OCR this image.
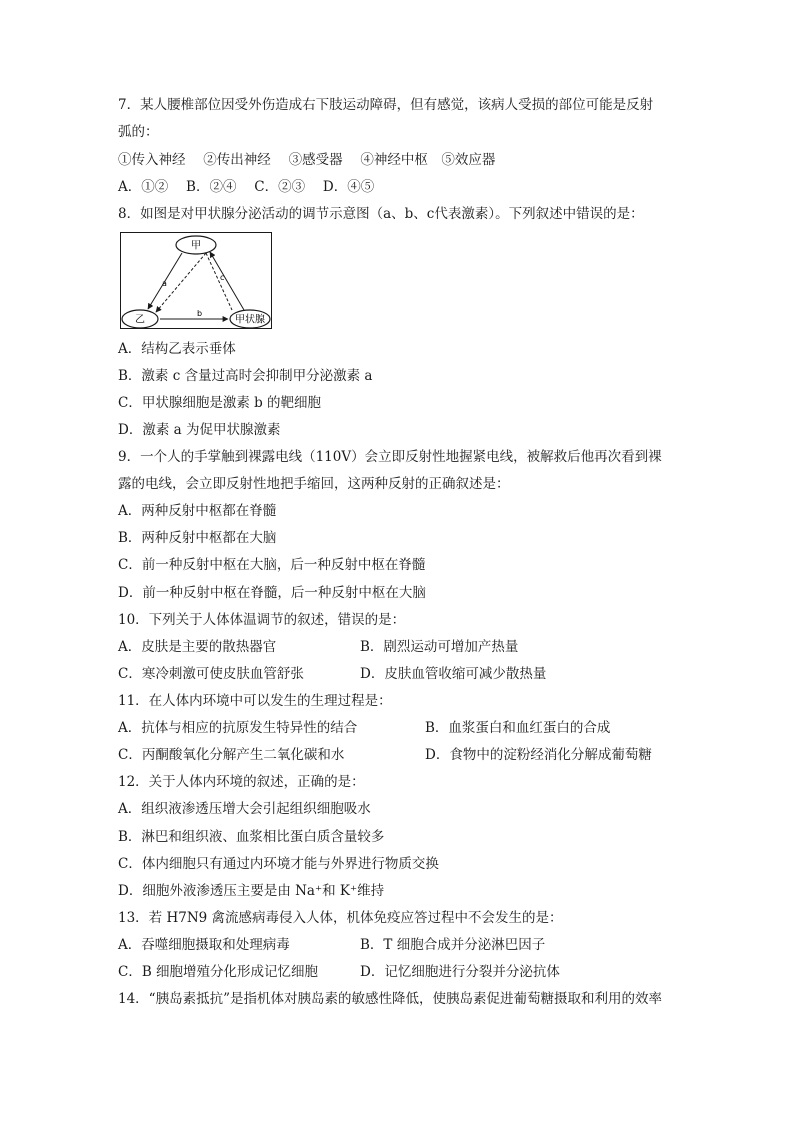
7．某人腰椎部位因受外伤造成右下肢运动障碍，但有感觉，该病人受损的部位可能是反射
弧的：
①传入神经　 ②传出神经　 ③感受器　 ④神经中枢　⑤效应器
A．①②　 B．②④　 C．②③　 D．④⑤
8．如图是对甲状腺分泌活动的调节示意图（a、b、c代表激素）。下列叙述中错误的是：
甲
乙	甲状腺
a
b
c
A．结构乙表示垂体
B．激素 c 含量过高时会抑制甲分泌激素 a
C．甲状腺细胞是激素 b 的靶细胞
D．激素 a 为促甲状腺激素
9．一个人的手掌触到裸露电线（110V）会立即反射性地握紧电线，被解救后他再次看到裸
露的电线，会立即反射性地把手缩回，这两种反射的正确叙述是：
A．两种反射中枢都在脊髓
B．两种反射中枢都在大脑
C．前一种反射中枢在大脑，后一种反射中枢在脊髓
D．前一种反射中枢在脊髓，后一种反射中枢在大脑
10．下列关于人体体温调节的叙述，错误的是：
A．皮肤是主要的散热器官	B．剧烈运动可增加产热量
C．寒冷刺激可使皮肤血管舒张	D．皮肤血管收缩可减少散热量
11．在人体内环境中可以发生的生理过程是：
A．抗体与相应的抗原发生特异性的结合	B．血浆蛋白和血红蛋白的合成
C．丙酮酸氧化分解产生二氧化碳和水	D．食物中的淀粉经消化分解成葡萄糖
12．关于人体内环境的叙述，正确的是：
A．组织液渗透压增大会引起组织细胞吸水
B．淋巴和组织液、血浆相比蛋白质含量较多
C．体内细胞只有通过内环境才能与外界进行物质交换
D．细胞外液渗透压主要是由 Na⁺和 K⁺维持
13．若 H7N9 禽流感病毒侵入人体，机体免疫应答过程中不会发生的是：
A．吞噬细胞摄取和处理病毒	B．T 细胞合成并分泌淋巴因子
C．B 细胞增殖分化形成记忆细胞	D．记忆细胞进行分裂并分泌抗体
14．“胰岛素抵抗”是指机体对胰岛素的敏感性降低，使胰岛素促进葡萄糖摄取和利用的效率
